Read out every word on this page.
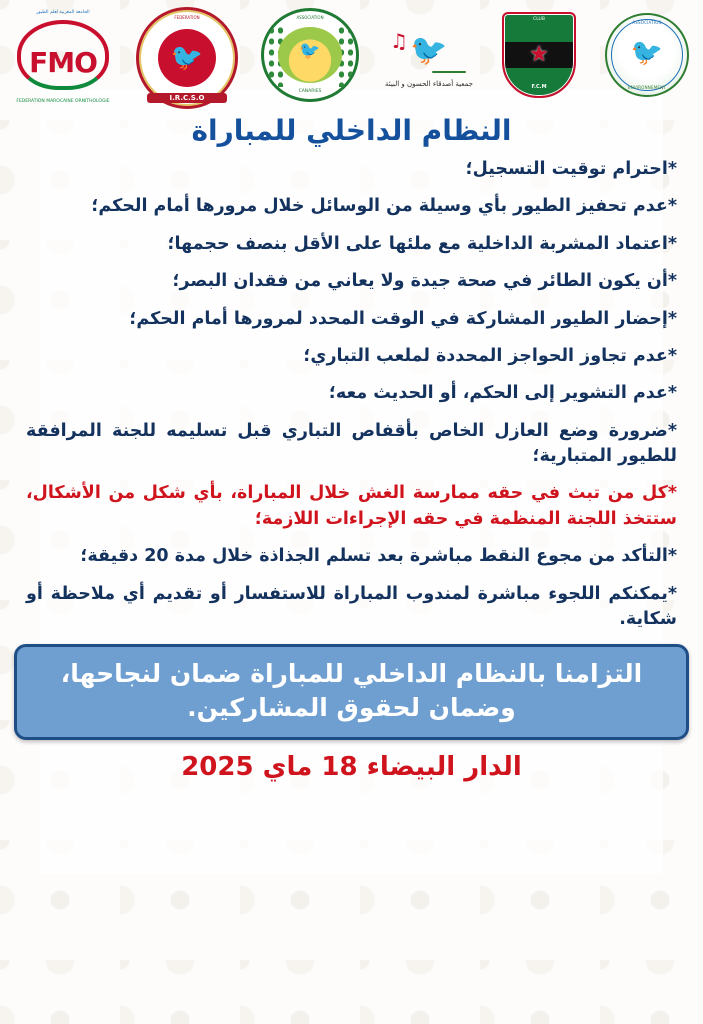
ASSOCIATION
🐦
ENVIRONNEMENT
CLUB
★
F.C.M
♫ 🐦
جمعية أصدقاء الحسون و البيئة
ASSOCIATION
🐦
CANARIES
FEDERATION
🐦
I.R.C.S.O
الجامعة المغربية لعلم الطيور
FMO
FEDERATION MAROCAINE ORNITHOLOGIE
النظام الداخلي للمباراة

*احترام توقيت التسجيل؛

*عدم تحفيز الطيور بأي وسيلة من الوسائل خلال مرورها أمام الحكم؛

*اعتماد المشربة الداخلية مع ملئها على الأقل بنصف حجمها؛

*أن يكون الطائر في صحة جيدة ولا يعاني من فقدان البصر؛

*إحضار الطيور المشاركة في الوقت المحدد لمرورها أمام الحكم؛

*عدم تجاوز الحواجز المحددة لملعب التباري؛

*عدم التشوير إلى الحكم، أو الحديث معه؛

*ضرورة وضع العازل الخاص بأقفاص التباري قبل تسليمه للجنة المرافقة للطيور المتبارية؛

*كل من تبث في حقه ممارسة الغش خلال المباراة، بأي شكل من الأشكال، ستتخذ اللجنة المنظمة في حقه الإجراءات اللازمة؛

*التأكد من مجوع النقط مباشرة بعد تسلم الجذاذة خلال مدة 20 دقيقة؛

*يمكنكم اللجوء مباشرة لمندوب المباراة للاستفسار أو تقديم أي ملاحظة أو شكاية.

التزامنا بالنظام الداخلي للمباراة ضمان لنجاحها، وضمان لحقوق المشاركين.
الدار البيضاء 18 ماي 2025
